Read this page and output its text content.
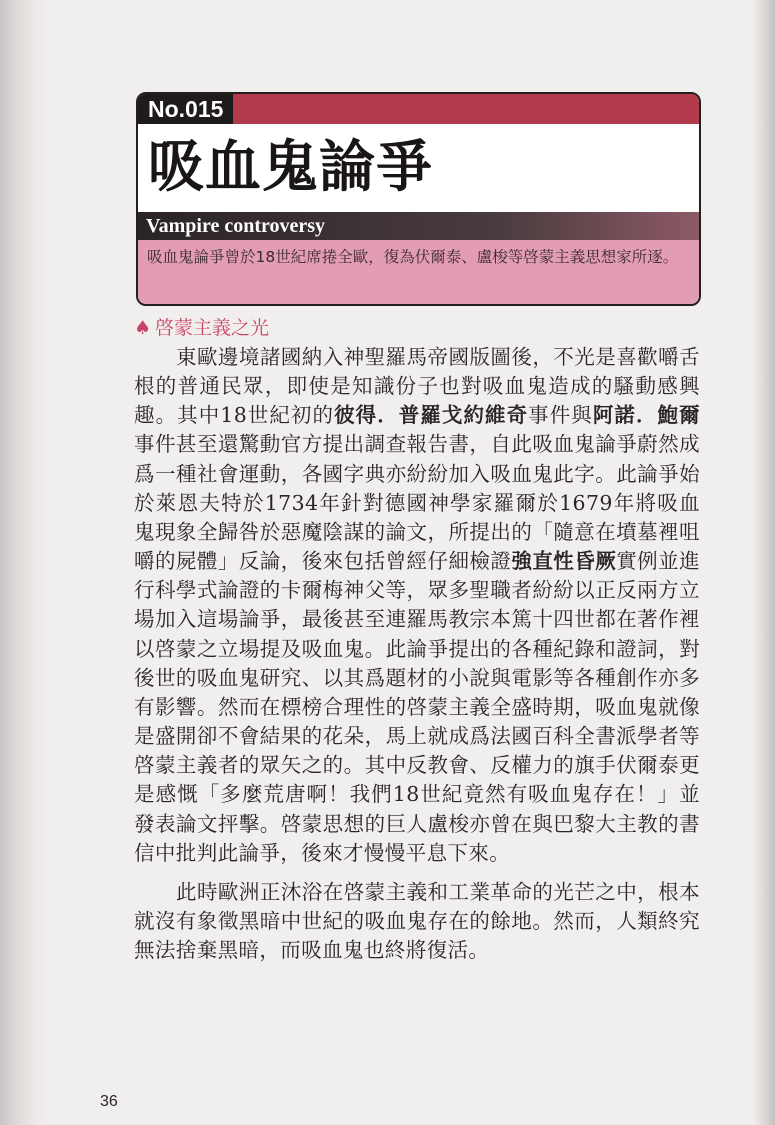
No.015
吸血鬼論爭
Vampire controversy
吸血鬼論爭曾於18世紀席捲全歐，復為伏爾泰、盧梭等啓蒙主義思想家所逐。
♠ 啓蒙主義之光

東歐邊境諸國納入神聖羅馬帝國版圖後，不光是喜歡嚼舌根的普通民眾，即使是知識份子也對吸血鬼造成的騷動感興趣。其中18世紀初的彼得．普羅戈約維奇事件與阿諾．鮑爾事件甚至還驚動官方提出調查報告書，自此吸血鬼論爭蔚然成爲一種社會運動，各國字典亦紛紛加入吸血鬼此字。此論爭始於萊恩夫特於1734年針對德國神學家羅爾於1679年將吸血鬼現象全歸咎於惡魔陰謀的論文，所提出的「隨意在墳墓裡咀嚼的屍體」反論，後來包括曾經仔細檢證強直性昏厥實例並進行科學式論證的卡爾梅神父等，眾多聖職者紛紛以正反兩方立場加入這場論爭，最後甚至連羅馬教宗本篤十四世都在著作裡以啓蒙之立場提及吸血鬼。此論爭提出的各種紀錄和證詞，對後世的吸血鬼研究、以其爲題材的小說與電影等各種創作亦多有影響。然而在標榜合理性的啓蒙主義全盛時期，吸血鬼就像是盛開卻不會結果的花朵，馬上就成爲法國百科全書派學者等啓蒙主義者的眾矢之的。其中反教會、反權力的旗手伏爾泰更是感慨「多麼荒唐啊！我們18世紀竟然有吸血鬼存在！」並發表論文抨擊。啓蒙思想的巨人盧梭亦曾在與巴黎大主教的書信中批判此論爭，後來才慢慢平息下來。

此時歐洲正沐浴在啓蒙主義和工業革命的光芒之中，根本就沒有象徵黑暗中世紀的吸血鬼存在的餘地。然而，人類終究無法捨棄黑暗，而吸血鬼也終將復活。

36
